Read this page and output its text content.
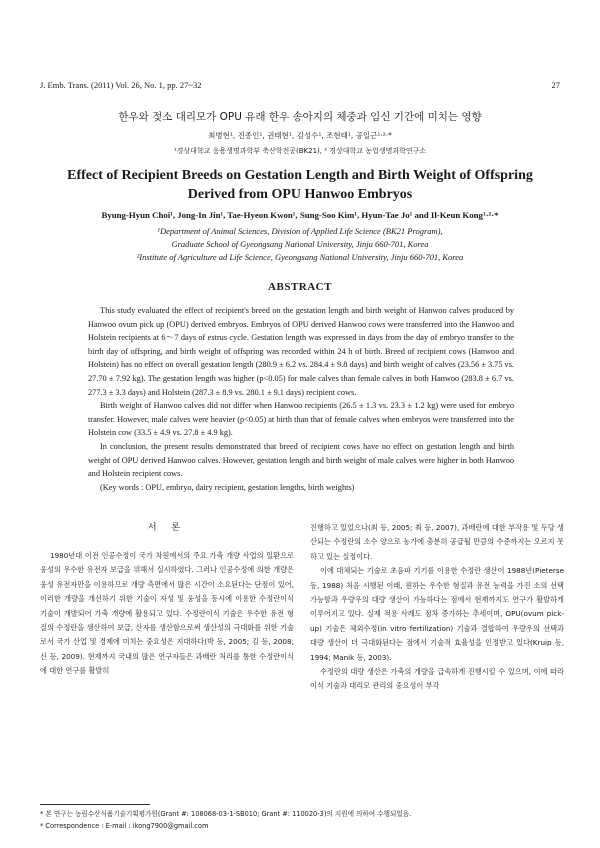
J. Emb. Trans. (2011) Vol. 26, No. 1, pp. 27~32	27
한우와 젖소 대리모가 OPU 유래 한우 송아지의 체중과 임신 기간에 미치는 영향
최병현¹, 진종인¹, 권태현¹, 김성수¹, 조현태¹, 공일근¹·²·*
¹경상대학교 응용생명과학부 축산학전공(BK21), ² 경상대학교 농업생명과학연구소
Effect of Recipient Breeds on Gestation Length and Birth Weight of Offspring Derived from OPU Hanwoo Embryos
Byung-Hyun Choi¹, Jong-In Jin¹, Tae-Hyeon Kwon¹, Sung-Soo Kim¹, Hyun-Tae Jo¹ and Il-Keun Kong¹·²·*
¹Department of Animal Sciences, Division of Applied Life Science (BK21 Program),
Graduate School of Gyeongsang National University, Jinju 660-701, Korea
²Institute of Agriculture ad Life Science, Gyeongsang National University, Jinju 660-701, Korea
ABSTRACT

This study evaluated the effect of recipient's breed on the gestation length and birth weight of Hanwoo calves produced by Hanwoo ovum pick up (OPU) derived embryos. Embryos of OPU derived Hanwoo cows were transferred into the Hanwoo and Holstein recipients at 6～7 days of estrus cycle. Gestation length was expressed in days from the day of embryo transfer to the birth day of offspring, and birth weight of offspring was recorded within 24 h of birth. Breed of recipient cows (Hanwoo and Holstein) has no effect on overall gestation length (280.9 ± 6.2 vs. 284.4 ± 9.8 days) and birth weight of calves (23.56 ± 3.75 vs. 27.70 ± 7.92 kg). The gestation length was higher (p<0.05) for male calves than female calves in both Hanwoo (283.8 ± 6.7 vs. 277.3 ± 3.3 days) and Holstein (287.3 ± 8.9 vs. 280.1 ± 9.1 days) recipient cows.

Birth weight of Hanwoo calves did not differ when Hanwoo recipients (26.5 ± 1.3 vs. 23.3 ± 1.2 kg) were used for embryo transfer. However, male calves were heavier (p<0.05) at birth than that of female calves when embryos were transferred into the Holstein cow (33.5 ± 4.9 vs. 27.8 ± 4.9 kg).

In conclusion, the present results demonstrated that breed of recipient cows have no effect on gestation length and birth weight of OPU derived Hanwoo calves. However, gestation length and birth weight of male calves were higher in both Hanwoo and Holstein recipient cows.

(Key words : OPU, embryo, dairy recipient, gestation lengths, birth weights)

서 론

1980년대 이전 인공수정이 국가 차원에서의 주요 가축 개량 사업의 일환으로 웅성의 우수한 유전자 보급을 위해서 실시하였다. 그러나 인공수정에 의한 개량은 웅성 유전자만을 이용하므로 개량 측면에서 많은 시간이 소요된다는 단점이 있어, 이러한 개량을 개선하기 위한 기술이 자성 및 웅성을 동시에 이용한 수정란이식 기술이 개발되어 가축 개량에 활용되고 있다. 수정란이식 기술은 우수한 유전 형질의 수정란을 생산하여 보급, 산자를 생산함으로써 생산성의 극대화를 위한 기술로서 국가 산업 및 경제에 미치는 중요성은 지대하다(박 등, 2005; 김 등, 2008; 신 등, 2009). 현재까지 국내의 많은 연구자들은 과배란 처리를 통한 수정란이식에 대한 연구를 활발히

진행하고 있었으나(최 등, 2005; 최 등, 2007), 과배란에 대한 부작용 및 두당 생산되는 수정란의 소수 양으로 농가에 충분히 공급될 만큼의 수준까지는 오르지 못하고 있는 실정이다.

이에 대체되는 기술로 초음파 기기를 이용한 수정란 생산이 1988년(Pieterse 등, 1988) 처음 시행된 이래, 원하는 우수한 형질과 유전 능력을 가진 소의 선택 가능함과 우량우의 대량 생산이 가능하다는 점에서 현재까지도 연구가 활발하게 이루어지고 있다. 실제 적용 사례도 점차 증가하는 추세이며, OPU(ovum pick-up) 기술은 체외수정(in vitro fertilization) 기술과 결합하여 우량우의 선택과 대량 생산이 더 극대화된다는 점에서 기술적 효율성을 인정받고 있다(Kruip 등, 1994; Manik 등, 2003).

수정란의 대량 생산은 가축의 개량을 급속하게 진행시킬 수 있으며, 이에 따라 이식 기술과 대리모 관리의 중요성이 부각

* 본 연구는 농림수산식품기술기획평가원(Grant #: 108068-03-1-SB010; Grant #: 110020-3)의 지원에 의하여 수행되었음.
* Correspondence : E-mail : ikong7900@gmail.com
